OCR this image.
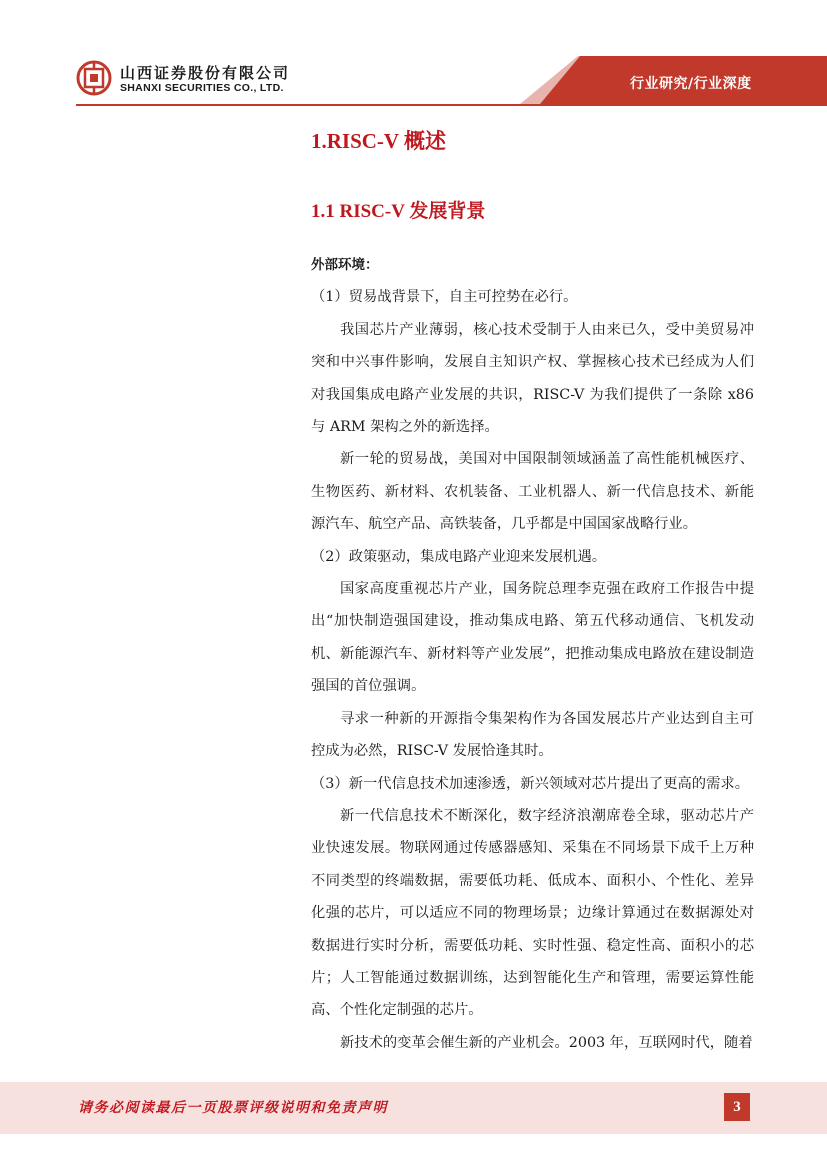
山西证券股份有限公司
SHANXI SECURITIES CO., LTD.	行业研究/行业深度
1.RISC-V 概述
1.1 RISC-V 发展背景

外部环境：

（1）贸易战背景下，自主可控势在必行。

我国芯片产业薄弱，核心技术受制于人由来已久，受中美贸易冲突和中兴事件影响，发展自主知识产权、掌握核心技术已经成为人们对我国集成电路产业发展的共识，RISC-V 为我们提供了一条除 x86 与 ARM 架构之外的新选择。

新一轮的贸易战，美国对中国限制领域涵盖了高性能机械医疗、生物医药、新材料、农机装备、工业机器人、新一代信息技术、新能源汽车、航空产品、高铁装备，几乎都是中国国家战略行业。

（2）政策驱动，集成电路产业迎来发展机遇。

国家高度重视芯片产业，国务院总理李克强在政府工作报告中提出“加快制造强国建设，推动集成电路、第五代移动通信、飞机发动机、新能源汽车、新材料等产业发展”，把推动集成电路放在建设制造强国的首位强调。

寻求一种新的开源指令集架构作为各国发展芯片产业达到自主可控成为必然，RISC-V 发展恰逢其时。

（3）新一代信息技术加速渗透，新兴领域对芯片提出了更高的需求。

新一代信息技术不断深化，数字经济浪潮席卷全球，驱动芯片产业快速发展。物联网通过传感器感知、采集在不同场景下成千上万种不同类型的终端数据，需要低功耗、低成本、面积小、个性化、差异化强的芯片，可以适应不同的物理场景；边缘计算通过在数据源处对数据进行实时分析，需要低功耗、实时性强、稳定性高、面积小的芯片；人工智能通过数据训练，达到智能化生产和管理，需要运算性能高、个性化定制强的芯片。

新技术的变革会催生新的产业机会。2003 年，互联网时代，随着

请务必阅读最后一页股票评级说明和免责声明	3
